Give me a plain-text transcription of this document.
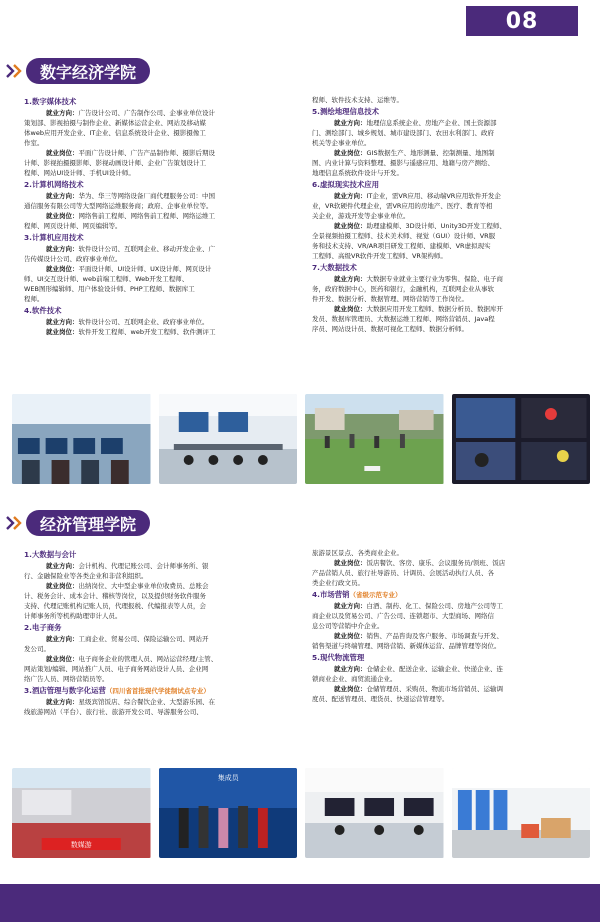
08
数字经济学院
1.数字媒体技术
就业方向：广告设计公司、广告制作公司、企事业单位设计
策划部、影视拍摄与制作企业、新媒体运营企业、网站及移动媒
体web应用开发企业、IT企业、信息系统设计企业、摄影摄像工
作室。
就业岗位：平面广告设计师、广告产品制作师、摄影后期设
计师、影视拍摄摄影师、影视动画设计师、企业广告策划设计工
程师、网站UI设计师、手机UI设计师。
2.计算机网络技术
就业方向：华为、华三等网络设备厂商代理服务公司：中国
通信服务有限公司等大型网络运维服务商；政府、企事业单位等。
就业岗位：网络售前工程师、网络售前工程师、网络运维工
程师、网页设计师、网页编辑等。
3.计算机应用技术
就业方向：软件设计公司、互联网企业、移动开发企业、广
告传媒设计公司、政府事业单位。
就业岗位：平面设计师、UI设计师、UX设计师、网页设计
师、UI交互设计师、web前端工程师、Web开发工程师、
WEB图形编辑师、用户体验设计师、PHP工程师、数据库工
程师。
4.软件技术
就业方向：软件设计公司、互联网企业、政府事业单位。
就业岗位：软件开发工程师、web开发工程师、软件测评工
程师、软件技术支持、运维等。
5.测绘地理信息技术
就业方向：地理信息系统企业、房地产企业、国土资源部
门、测绘部门、城乡规划、城市建设部门、农田水利部门、政府
机关等企事业单位。
就业岗位：GIS数据生产、地形测量、控制测量、地图制
图、内业计算与资料整理、摄影与遥感应用、地籍与房产测绘、
地理信息系统软件设计与开发。
6.虚拟现实技术应用
就业方向：IT企业，需VR应用、移动端VR应用软件开发企
业，VR软硬件代理企业，需VR应用的房地产、医疗、教育等相
关企业，游戏开发等企事业单位。
就业岗位：助理建模师、3D设计师、Unity3D开发工程师、
全景视频拍摄工程师、技术美术师、视觉（GUI）设计师、VR服
务和技术支持、VR/AR项目研发工程师、建模师、VR虚拟现实
工程师、高级VR软件开发工程师、VR架构师。
7.大数据技术
就业方向：大数据专业就业主要行业为零售、保险、电子商
务，政府数据中心，医药和银行，金融机构，互联网企业从事软
件开发、数据分析、数据管理、网络营销等工作岗位。
就业岗位：大数据应用开发工程师、数据分析员、数据库开
发员、数据库管理员、大数据运维工程师、网络营销员、Java程
序员、网站设计员、数据可视化工程师、数据分析师。
经济管理学院
1.大数据与会计
就业方向：会计机构、代理记账公司、会计师事务所、银
行、金融保险业等各类企业和非营利组织。
就业岗位：出纳岗位、大中型企事业单位收费员、总账会
计、税务会计、成本会计、稽核等岗位，以及提供财务软件服务
支持、代理记账机构记账人员，代理报税、代编报表等人员，会
计师事务所等机构助理审计人员。
2.电子商务
就业方向：工商企业、贸易公司、保险运输公司、网站开
发公司。
就业岗位：电子商务企业的管理人员、网站运营经理/主管、
网站策划/编辑、网站推广人员、电子商务网站设计人员、企业网
络广告人员、网络营销员等。
3.酒店管理与数字化运营（四川省首批现代学徒制试点专业）
就业方向：星级宾馆饭店、综合餐饮企业、大型游乐园、在
线旅游网站（平台）、旅行社、旅游开发公司、导游服务公司、
旅游景区景点、各类商业企业。
就业岗位：饭店餐饮、客房、康乐、会议服务员/领班、饭店
产品营销人员、旅行社导游员、计调员、会展活动执行人员、各
类企业行政文员。
4.市场营销（省级示范专业）
就业方向：白酒、制药、化工、保险公司、房地产公司等工
商企业以及贸易公司、广告公司、连锁超市、大型商场、网络信
息公司等营销中介企业。
就业岗位：销售、产品咨询及客户服务、市场调查与开发、
销售渠道与终端管理、网络营销、新媒体运营、品牌管理等岗位。
5.现代物流管理
就业方向：仓储企业、配送企业、运输企业、快递企业、连
锁商业企业、商贸流通企业。
就业岗位：仓储管理员、采购员、物流市场营销员、运输调
度员、配送管理员、理货员、快递运营管理等。
数媒游
集成员
